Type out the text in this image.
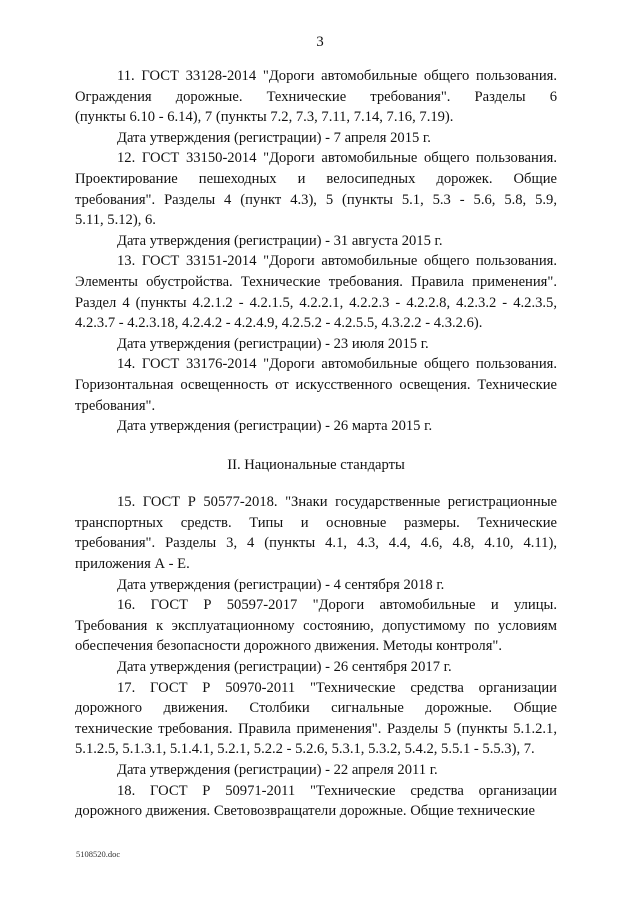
3
11. ГОСТ 33128-2014 "Дороги автомобильные общего пользования.
Ограждения дорожные. Технические требования". Разделы 6
(пункты 6.10 - 6.14), 7 (пункты 7.2, 7.3, 7.11, 7.14, 7.16, 7.19).
Дата утверждения (регистрации) - 7 апреля 2015 г.
12. ГОСТ 33150-2014 "Дороги автомобильные общего пользования.
Проектирование пешеходных и велосипедных дорожек. Общие
требования". Разделы 4 (пункт 4.3), 5 (пункты 5.1, 5.3 - 5.6, 5.8, 5.9,
5.11, 5.12), 6.
Дата утверждения (регистрации) - 31 августа 2015 г.
13. ГОСТ 33151-2014 "Дороги автомобильные общего пользования.
Элементы обустройства. Технические требования. Правила применения".
Раздел 4 (пункты 4.2.1.2 - 4.2.1.5, 4.2.2.1, 4.2.2.3 - 4.2.2.8, 4.2.3.2 - 4.2.3.5,
4.2.3.7 - 4.2.3.18, 4.2.4.2 - 4.2.4.9, 4.2.5.2 - 4.2.5.5, 4.3.2.2 - 4.3.2.6).
Дата утверждения (регистрации) - 23 июля 2015 г.
14. ГОСТ 33176-2014 "Дороги автомобильные общего пользования.
Горизонтальная освещенность от искусственного освещения. Технические
требования".
Дата утверждения (регистрации) - 26 марта 2015 г.
II. Национальные стандарты
15. ГОСТ Р 50577-2018. "Знаки государственные регистрационные
транспортных средств. Типы и основные размеры. Технические
требования". Разделы 3, 4 (пункты 4.1, 4.3, 4.4, 4.6, 4.8, 4.10, 4.11),
приложения А - Е.
Дата утверждения (регистрации) - 4 сентября 2018 г.
16. ГОСТ Р 50597-2017 "Дороги автомобильные и улицы.
Требования к эксплуатационному состоянию, допустимому по условиям
обеспечения безопасности дорожного движения. Методы контроля".
Дата утверждения (регистрации) - 26 сентября 2017 г.
17. ГОСТ Р 50970-2011 "Технические средства организации
дорожного движения. Столбики сигнальные дорожные. Общие
технические требования. Правила применения". Разделы 5 (пункты 5.1.2.1,
5.1.2.5, 5.1.3.1, 5.1.4.1, 5.2.1, 5.2.2 - 5.2.6, 5.3.1, 5.3.2, 5.4.2, 5.5.1 - 5.5.3), 7.
Дата утверждения (регистрации) - 22 апреля 2011 г.
18. ГОСТ Р 50971-2011 "Технические средства организации
дорожного движения. Световозвращатели дорожные. Общие технические
5108520.doc
